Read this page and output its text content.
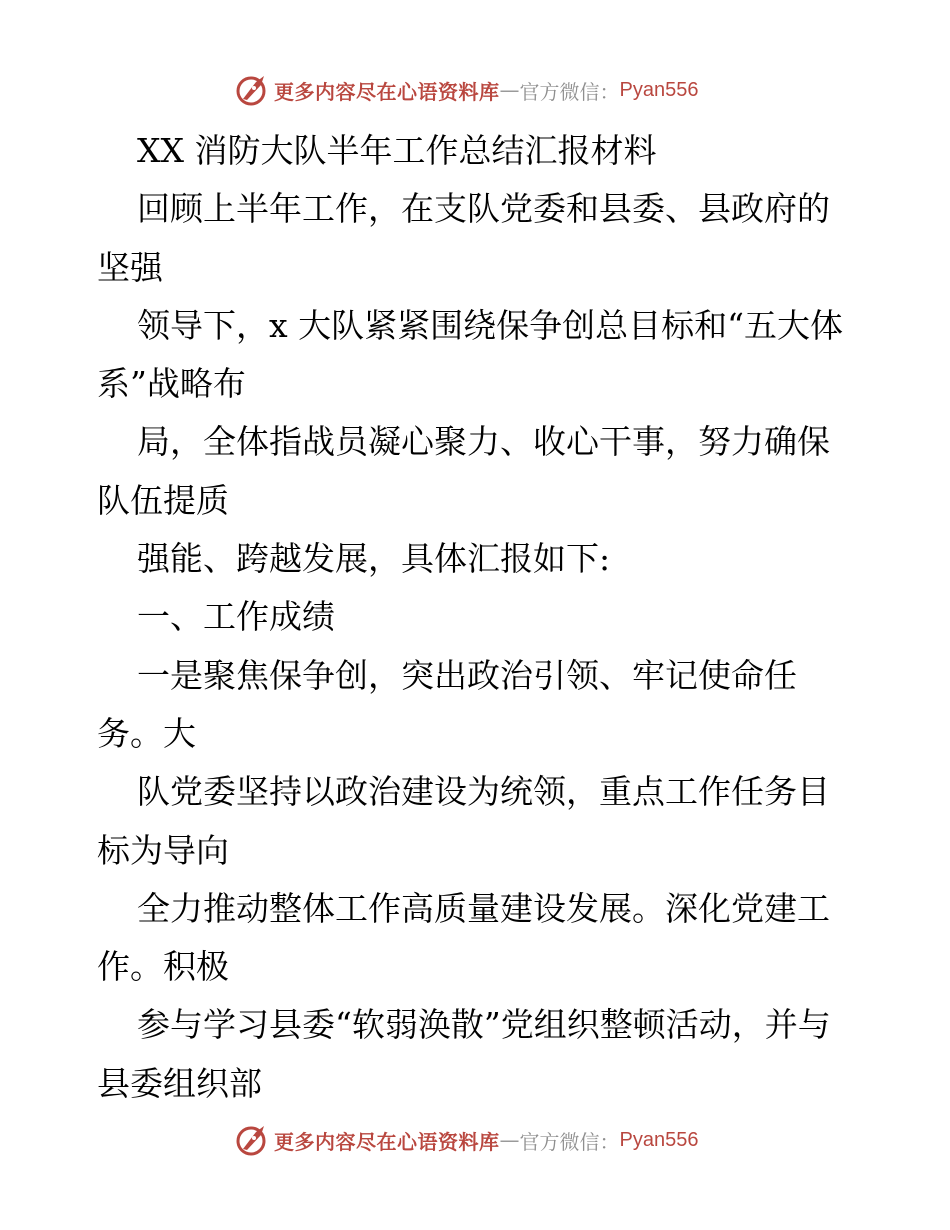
更多内容尽在心语资料库 — 官方微信： Pyan556

XX 消防大队半年工作总结汇报材料

回顾上半年工作，在支队党委和县委、县政府的坚强

领导下，x 大队紧紧围绕保争创总目标和“五大体系”战略布

局，全体指战员凝心聚力、收心干事，努力确保队伍提质

强能、跨越发展，具体汇报如下:

一、工作成绩

一是聚焦保争创，突出政治引领、牢记使命任务。大

队党委坚持以政治建设为统领，重点工作任务目标为导向

全力推动整体工作高质量建设发展。深化党建工作。积极

参与学习县委“软弱涣散”党组织整顿活动，并与县委组织部

更多内容尽在心语资料库 — 官方微信： Pyan556
